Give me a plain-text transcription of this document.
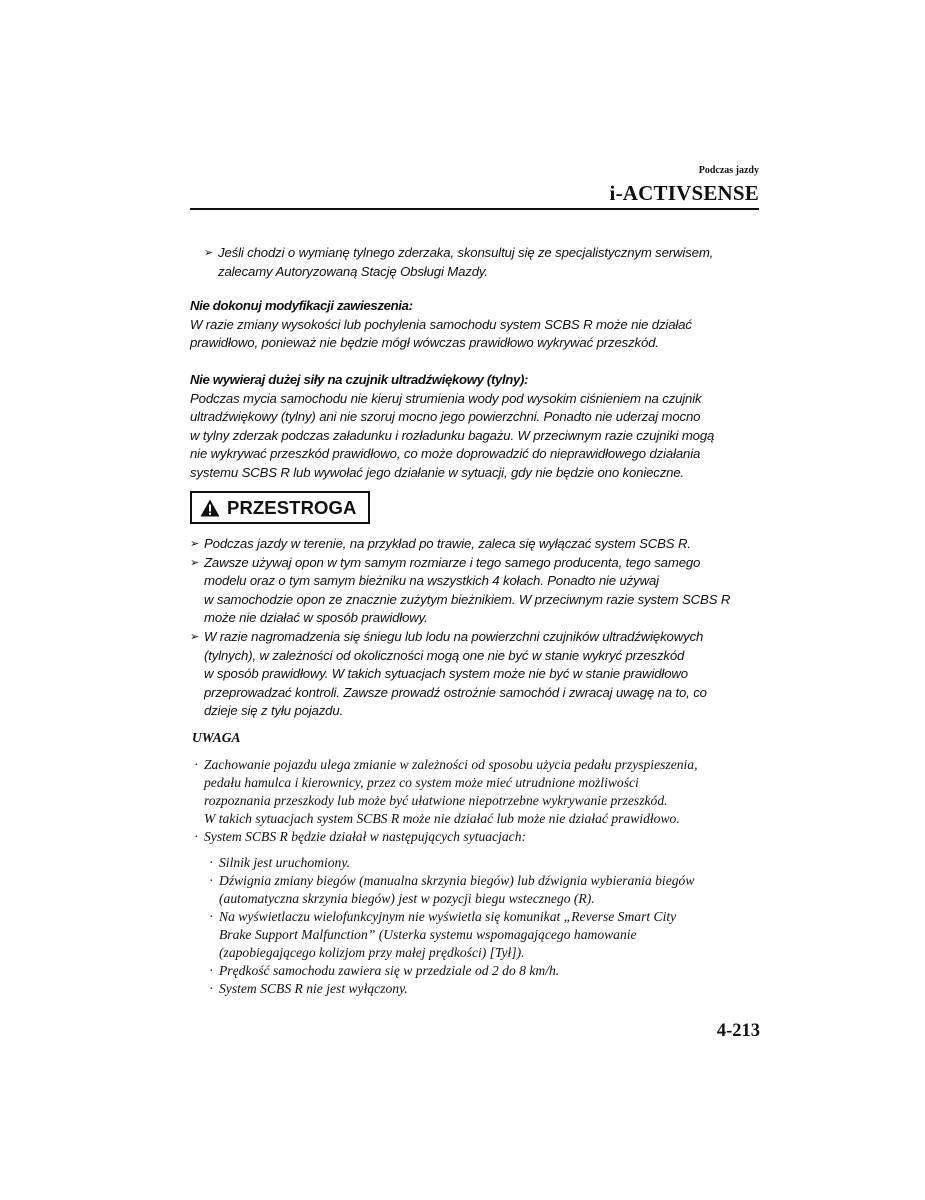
Podczas jazdy
i-ACTIVSENSE
➢ Jeśli chodzi o wymianę tylnego zderzaka, skonsultuj się ze specjalistycznym serwisem,
zalecamy Autoryzowaną Stację Obsługi Mazdy.
Nie dokonuj modyfikacji zawieszenia:
W razie zmiany wysokości lub pochylenia samochodu system SCBS R może nie działać
prawidłowo, ponieważ nie będzie mógł wówczas prawidłowo wykrywać przeszkód.
Nie wywieraj dużej siły na czujnik ultradźwiękowy (tylny):
Podczas mycia samochodu nie kieruj strumienia wody pod wysokim ciśnieniem na czujnik
ultradźwiękowy (tylny) ani nie szoruj mocno jego powierzchni. Ponadto nie uderzaj mocno
w tylny zderzak podczas załadunku i rozładunku bagażu. W przeciwnym razie czujniki mogą
nie wykrywać przeszkód prawidłowo, co może doprowadzić do nieprawidłowego działania
systemu SCBS R lub wywołać jego działanie w sytuacji, gdy nie będzie ono konieczne.
PRZESTROGA
➢ Podczas jazdy w terenie, na przykład po trawie, zaleca się wyłączać system SCBS R.
➢ Zawsze używaj opon w tym samym rozmiarze i tego samego producenta, tego samego
modelu oraz o tym samym bieżniku na wszystkich 4 kołach. Ponadto nie używaj
w samochodzie opon ze znacznie zużytym bieżnikiem. W przeciwnym razie system SCBS R
może nie działać w sposób prawidłowy.
➢ W razie nagromadzenia się śniegu lub lodu na powierzchni czujników ultradźwiękowych
(tylnych), w zależności od okoliczności mogą one nie być w stanie wykryć przeszkód
w sposób prawidłowy. W takich sytuacjach system może nie być w stanie prawidłowo
przeprowadzać kontroli. Zawsze prowadź ostrożnie samochód i zwracaj uwagę na to, co
dzieje się z tyłu pojazdu.
UWAGA
· Zachowanie pojazdu ulega zmianie w zależności od sposobu użycia pedału przyspieszenia,
pedału hamulca i kierownicy, przez co system może mieć utrudnione możliwości
rozpoznania przeszkody lub może być ułatwione niepotrzebne wykrywanie przeszkód.
W takich sytuacjach system SCBS R może nie działać lub może nie działać prawidłowo.
· System SCBS R będzie działał w następujących sytuacjach:
· Silnik jest uruchomiony.
· Dźwignia zmiany biegów (manualna skrzynia biegów) lub dźwignia wybierania biegów
(automatyczna skrzynia biegów) jest w pozycji biegu wstecznego (R).
· Na wyświetlaczu wielofunkcyjnym nie wyświetla się komunikat „Reverse Smart City
Brake Support Malfunction” (Usterka systemu wspomagającego hamowanie
(zapobiegającego kolizjom przy małej prędkości) [Tył]).
· Prędkość samochodu zawiera się w przedziale od 2 do 8 km/h.
· System SCBS R nie jest wyłączony.
4-213
